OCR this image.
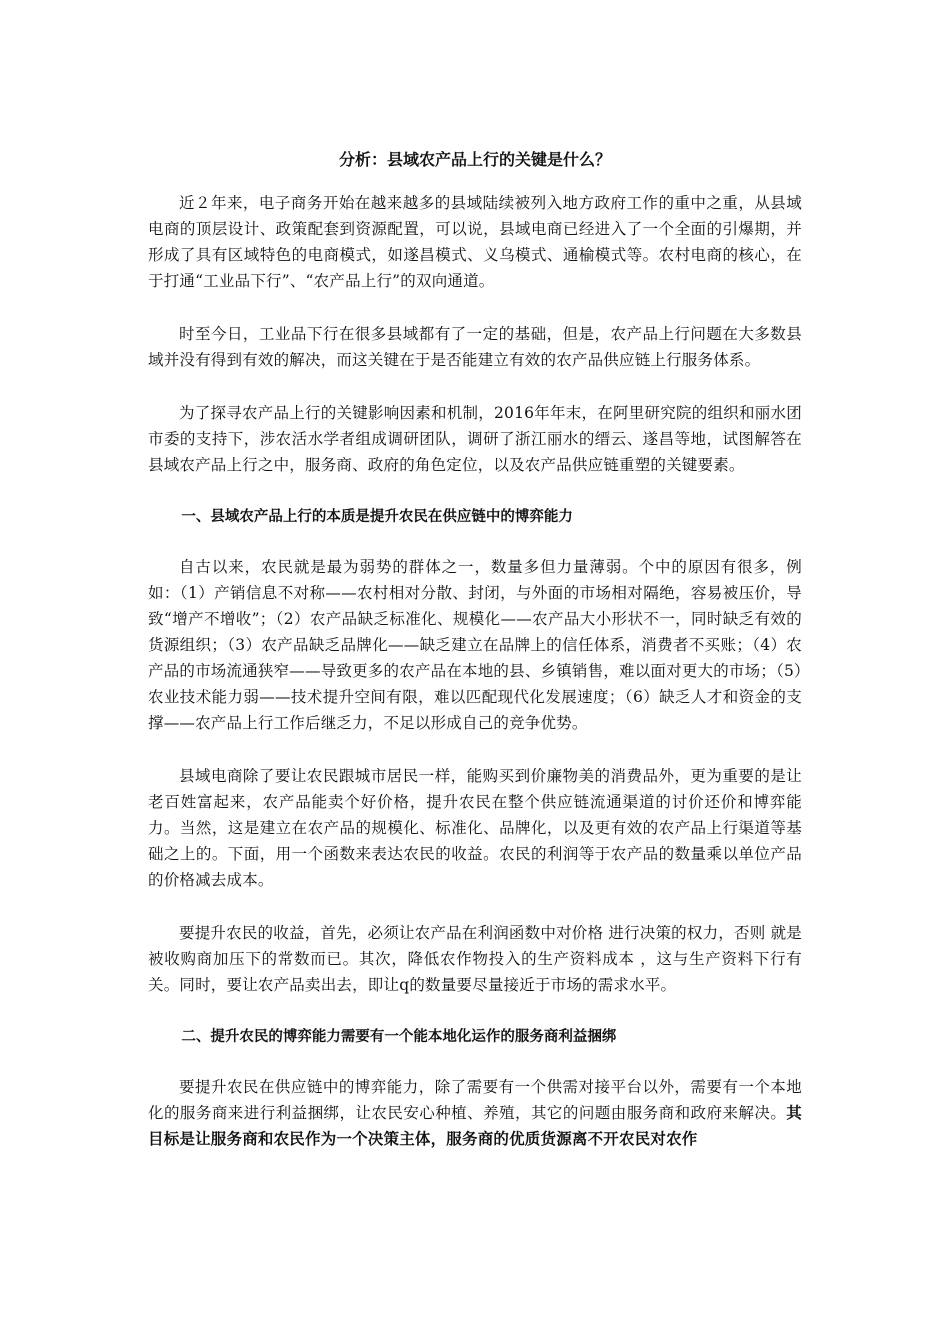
分析：县域农产品上行的关键是什么？

近２年来，电子商务开始在越来越多的县域陆续被列入地方政府工作的重中之重，从县域电商的顶层设计、政策配套到资源配置，可以说，县域电商已经进入了一个全面的引爆期，并形成了具有区域特色的电商模式，如遂昌模式、义乌模式、通榆模式等。农村电商的核心，在于打通“工业品下行”、“农产品上行”的双向通道。

时至今日，工业品下行在很多县域都有了一定的基础，但是，农产品上行问题在大多数县域并没有得到有效的解决，而这关键在于是否能建立有效的农产品供应链上行服务体系。

为了探寻农产品上行的关键影响因素和机制，2016年年末，在阿里研究院的组织和丽水团市委的支持下，涉农活水学者组成调研团队，调研了浙江丽水的缙云、遂昌等地，试图解答在县域农产品上行之中，服务商、政府的角色定位，以及农产品供应链重塑的关键要素。

一、县域农产品上行的本质是提升农民在供应链中的博弈能力

自古以来，农民就是最为弱势的群体之一，数量多但力量薄弱。个中的原因有很多，例如：（1）产销信息不对称——农村相对分散、封闭，与外面的市场相对隔绝，容易被压价，导致“增产不增收”；（2）农产品缺乏标准化、规模化——农产品大小形状不一，同时缺乏有效的货源组织；（3）农产品缺乏品牌化——缺乏建立在品牌上的信任体系，消费者不买账；（4）农产品的市场流通狭窄——导致更多的农产品在本地的县、乡镇销售，难以面对更大的市场；（5）农业技术能力弱——技术提升空间有限，难以匹配现代化发展速度；（6）缺乏人才和资金的支撑——农产品上行工作后继乏力，不足以形成自己的竞争优势。

县域电商除了要让农民跟城市居民一样，能购买到价廉物美的消费品外，更为重要的是让老百姓富起来，农产品能卖个好价格，提升农民在整个供应链流通渠道的讨价还价和博弈能力。当然，这是建立在农产品的规模化、标准化、品牌化，以及更有效的农产品上行渠道等基础之上的。下面，用一个函数来表达农民的收益。农民的利润等于农产品的数量乘以单位产品的价格减去成本。

要提升农民的收益，首先，必须让农产品在利润函数中对价格 进行决策的权力，否则 就是被收购商加压下的常数而已。其次，降低农作物投入的生产资料成本 ，这与生产资料下行有关。同时，要让农产品卖出去，即让q的数量要尽量接近于市场的需求水平。

二、提升农民的博弈能力需要有一个能本地化运作的服务商利益捆绑

要提升农民在供应链中的博弈能力，除了需要有一个供需对接平台以外，需要有一个本地化的服务商来进行利益捆绑，让农民安心种植、养殖，其它的问题由服务商和政府来解决。其目标是让服务商和农民作为一个决策主体，服务商的优质货源离不开农民对农作
